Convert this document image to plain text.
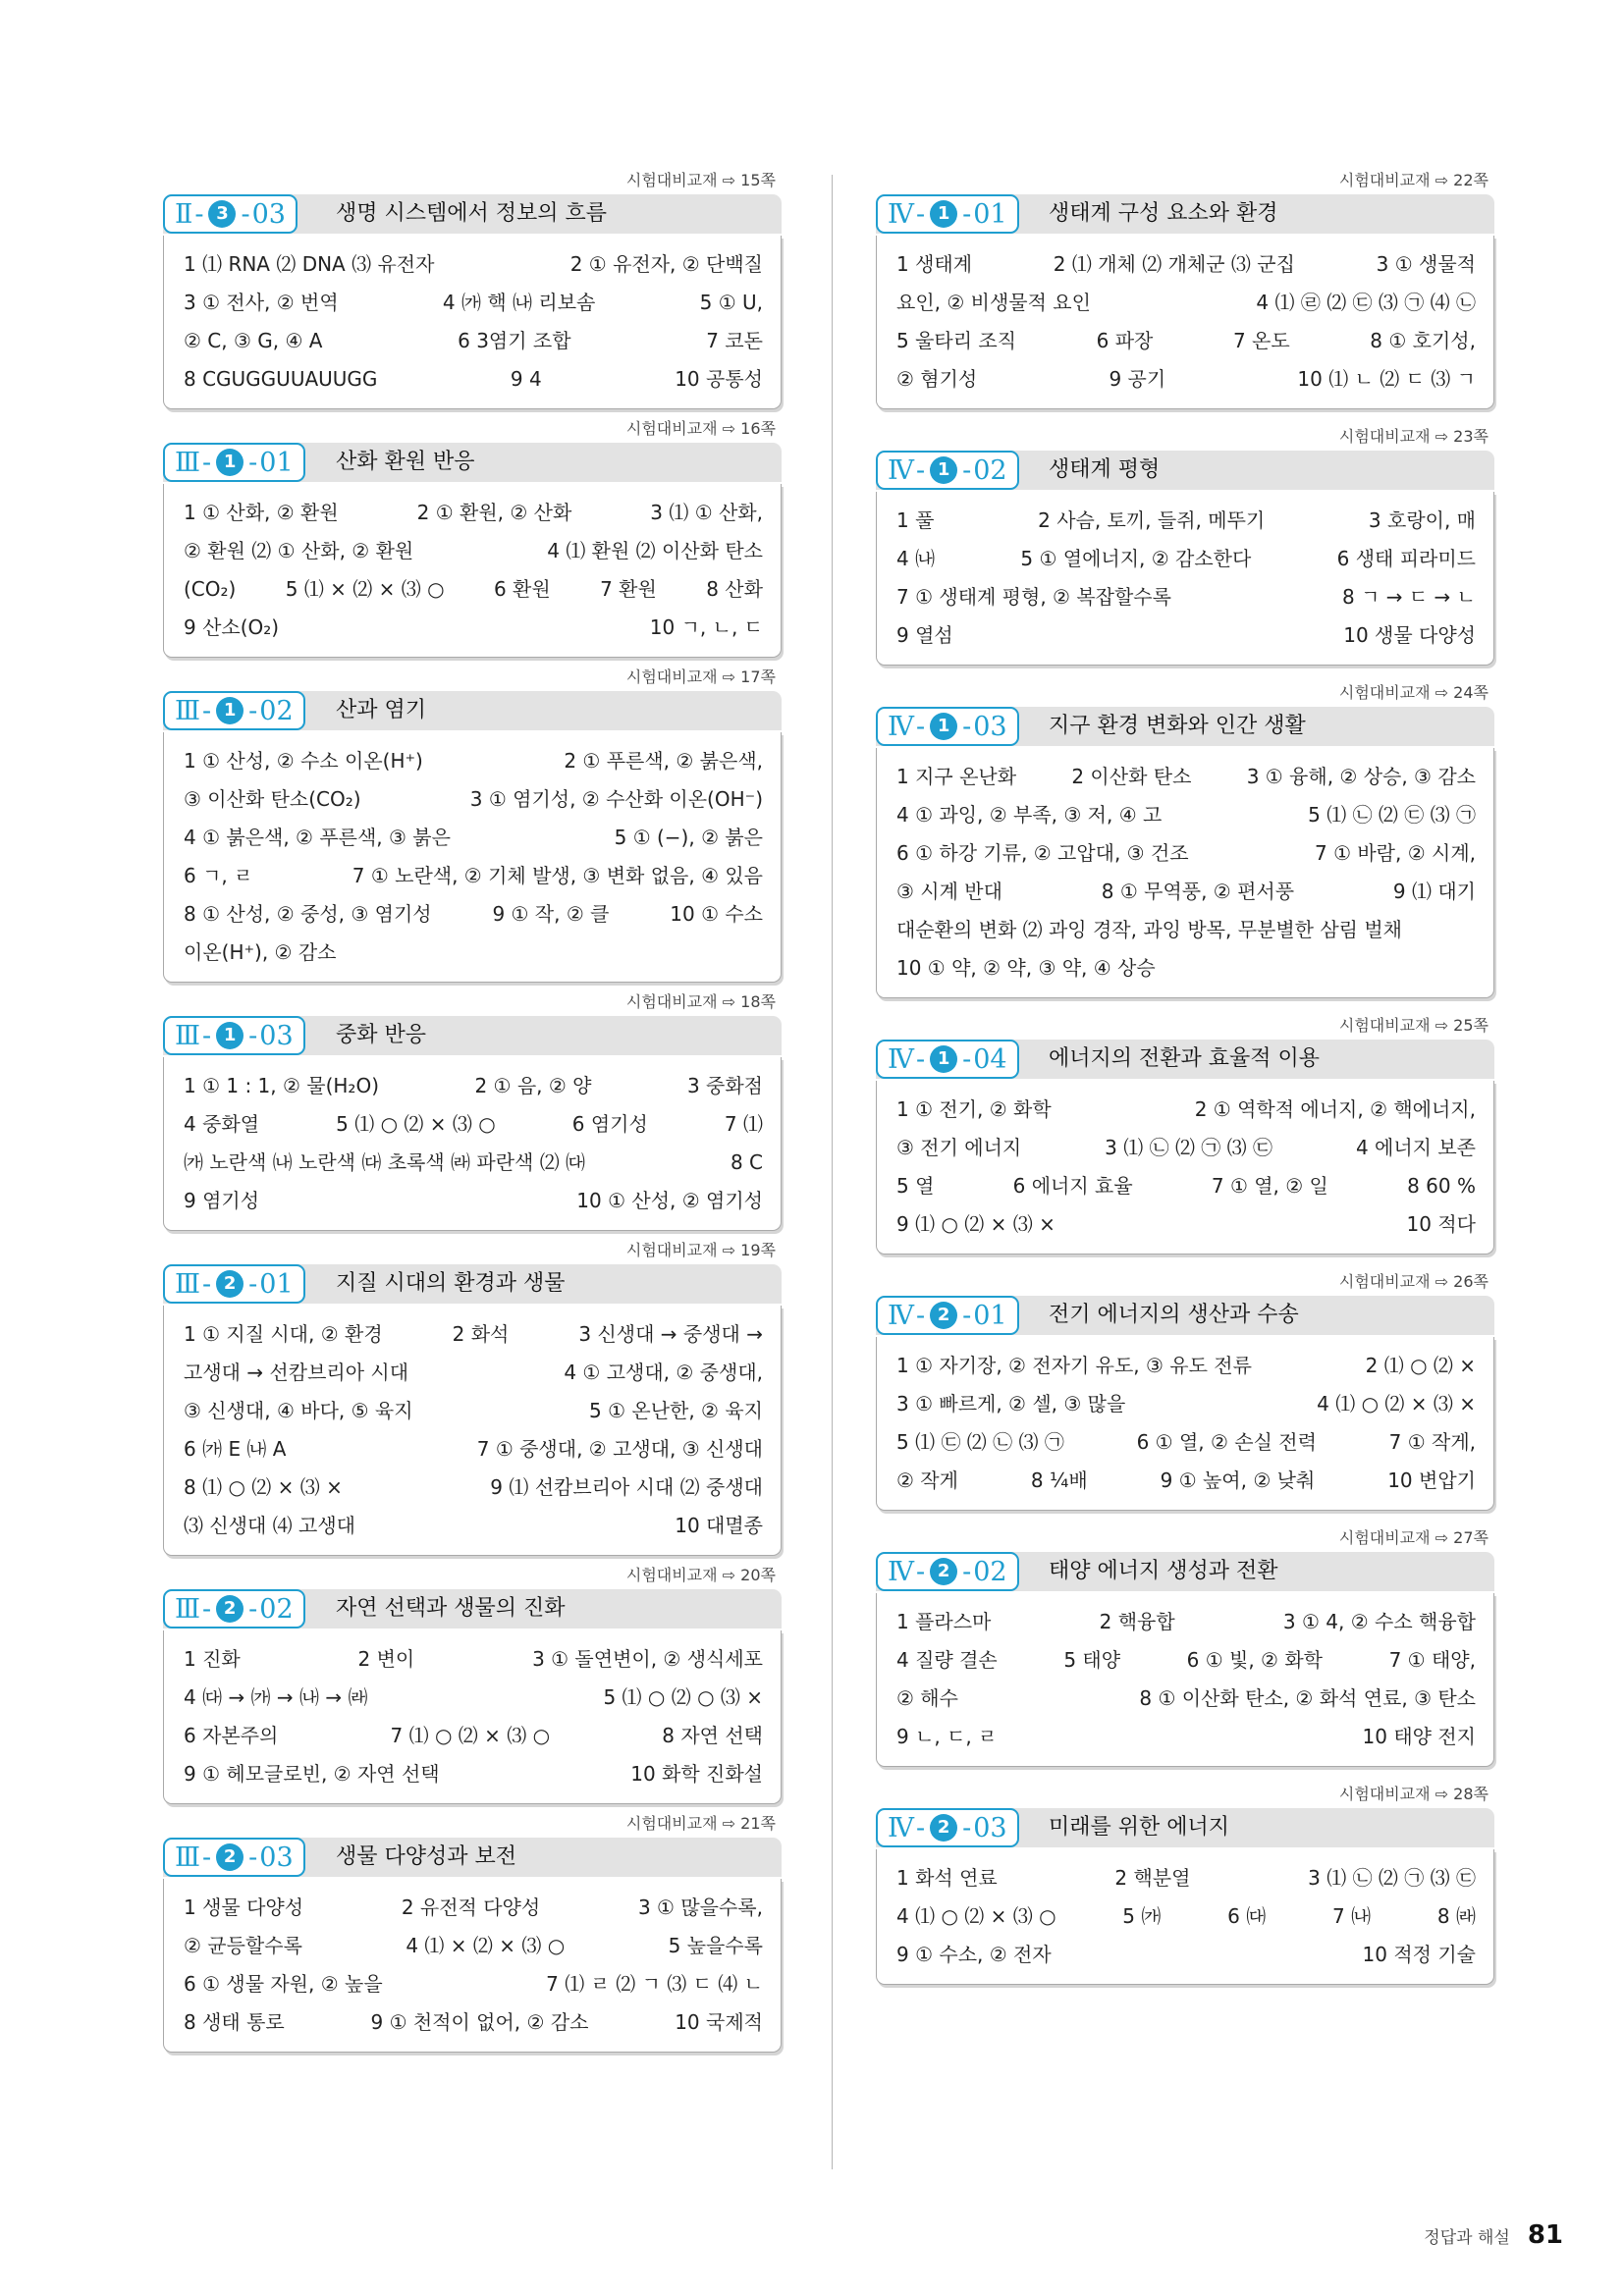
시험대비교재 ⇨ 15쪽
Ⅱ - 3 - 03 생명 시스템에서 정보의 흐름
1 ⑴ RNA ⑵ DNA ⑶ 유전자	2 ① 유전자, ② 단백질
3 ① 전사, ② 번역	4 ㈎ 핵 ㈏ 리보솜	5 ① U,
② C, ③ G, ④ A	6 3염기 조합	7 코돈
8 CGUGGUUAUUGG	9 4	10 공통성
시험대비교재 ⇨ 16쪽
Ⅲ - 1 - 01 산화 환원 반응
1 ① 산화, ② 환원	2 ① 환원, ② 산화	3 ⑴ ① 산화,
② 환원 ⑵ ① 산화, ② 환원	4 ⑴ 환원 ⑵ 이산화 탄소
(CO₂)	5 ⑴ × ⑵ × ⑶ ○	6 환원	7 환원	8 산화
9 산소(O₂)	10 ㄱ, ㄴ, ㄷ
시험대비교재 ⇨ 17쪽
Ⅲ - 1 - 02 산과 염기
1 ① 산성, ② 수소 이온(H⁺)	2 ① 푸른색, ② 붉은색,
③ 이산화 탄소(CO₂)	3 ① 염기성, ② 수산화 이온(OH⁻)
4 ① 붉은색, ② 푸른색, ③ 붉은	5 ① (−), ② 붉은
6 ㄱ, ㄹ	7 ① 노란색, ② 기체 발생, ③ 변화 없음, ④ 있음
8 ① 산성, ② 중성, ③ 염기성	9 ① 작, ② 클	10 ① 수소
이온(H⁺), ② 감소
시험대비교재 ⇨ 18쪽
Ⅲ - 1 - 03 중화 반응
1 ① 1 : 1, ② 물(H₂O)	2 ① 음, ② 양	3 중화점
4 중화열	5 ⑴ ○ ⑵ × ⑶ ○	6 염기성	7 ⑴
㈎ 노란색 ㈏ 노란색 ㈐ 초록색 ㈑ 파란색 ⑵ ㈐	8 C
9 염기성	10 ① 산성, ② 염기성
시험대비교재 ⇨ 19쪽
Ⅲ - 2 - 01 지질 시대의 환경과 생물
1 ① 지질 시대, ② 환경	2 화석	3 신생대 → 중생대 →
고생대 → 선캄브리아 시대	4 ① 고생대, ② 중생대,
③ 신생대, ④ 바다, ⑤ 육지	5 ① 온난한, ② 육지
6 ㈎ E ㈏ A	7 ① 중생대, ② 고생대, ③ 신생대
8 ⑴ ○ ⑵ × ⑶ ×	9 ⑴ 선캄브리아 시대 ⑵ 중생대
⑶ 신생대 ⑷ 고생대	10 대멸종
시험대비교재 ⇨ 20쪽
Ⅲ - 2 - 02 자연 선택과 생물의 진화
1 진화	2 변이	3 ① 돌연변이, ② 생식세포
4 ㈐ → ㈎ → ㈏ → ㈑	5 ⑴ ○ ⑵ ○ ⑶ ×
6 자본주의	7 ⑴ ○ ⑵ × ⑶ ○	8 자연 선택
9 ① 헤모글로빈, ② 자연 선택	10 화학 진화설
시험대비교재 ⇨ 21쪽
Ⅲ - 2 - 03 생물 다양성과 보전
1 생물 다양성	2 유전적 다양성	3 ① 많을수록,
② 균등할수록	4 ⑴ × ⑵ × ⑶ ○	5 높을수록
6 ① 생물 자원, ② 높을	7 ⑴ ㄹ ⑵ ㄱ ⑶ ㄷ ⑷ ㄴ
8 생태 통로	9 ① 천적이 없어, ② 감소	10 국제적
시험대비교재 ⇨ 22쪽
Ⅳ - 1 - 01 생태계 구성 요소와 환경
1 생태계	2 ⑴ 개체 ⑵ 개체군 ⑶ 군집	3 ① 생물적
요인, ② 비생물적 요인	4 ⑴ ㉣ ⑵ ㉢ ⑶ ㉠ ⑷ ㉡
5 울타리 조직	6 파장	7 온도	8 ① 호기성,
② 혐기성	9 공기	10 ⑴ ㄴ ⑵ ㄷ ⑶ ㄱ
시험대비교재 ⇨ 23쪽
Ⅳ - 1 - 02 생태계 평형
1 풀	2 사슴, 토끼, 들쥐, 메뚜기	3 호랑이, 매
4 ㈏	5 ① 열에너지, ② 감소한다	6 생태 피라미드
7 ① 생태계 평형, ② 복잡할수록	8 ㄱ → ㄷ → ㄴ
9 열섬	10 생물 다양성
시험대비교재 ⇨ 24쪽
Ⅳ - 1 - 03 지구 환경 변화와 인간 생활
1 지구 온난화	2 이산화 탄소	3 ① 융해, ② 상승, ③ 감소
4 ① 과잉, ② 부족, ③ 저, ④ 고	5 ⑴ ㉡ ⑵ ㉢ ⑶ ㉠
6 ① 하강 기류, ② 고압대, ③ 건조	7 ① 바람, ② 시계,
③ 시계 반대	8 ① 무역풍, ② 편서풍	9 ⑴ 대기
대순환의 변화 ⑵ 과잉 경작, 과잉 방목, 무분별한 삼림 벌채
10 ① 약, ② 약, ③ 약, ④ 상승
시험대비교재 ⇨ 25쪽
Ⅳ - 1 - 04 에너지의 전환과 효율적 이용
1 ① 전기, ② 화학	2 ① 역학적 에너지, ② 핵에너지,
③ 전기 에너지	3 ⑴ ㉡ ⑵ ㉠ ⑶ ㉢	4 에너지 보존
5 열	6 에너지 효율	7 ① 열, ② 일	8 60 %
9 ⑴ ○ ⑵ × ⑶ ×	10 적다
시험대비교재 ⇨ 26쪽
Ⅳ - 2 - 01 전기 에너지의 생산과 수송
1 ① 자기장, ② 전자기 유도, ③ 유도 전류	2 ⑴ ○ ⑵ ×
3 ① 빠르게, ② 셀, ③ 많을	4 ⑴ ○ ⑵ × ⑶ ×
5 ⑴ ㉢ ⑵ ㉡ ⑶ ㉠	6 ① 열, ② 손실 전력	7 ① 작게,
② 작게	8 ¼배	9 ① 높여, ② 낮춰	10 변압기
시험대비교재 ⇨ 27쪽
Ⅳ - 2 - 02 태양 에너지 생성과 전환
1 플라스마	2 핵융합	3 ① 4, ② 수소 핵융합
4 질량 결손	5 태양	6 ① 빛, ② 화학	7 ① 태양,
② 해수	8 ① 이산화 탄소, ② 화석 연료, ③ 탄소
9 ㄴ, ㄷ, ㄹ	10 태양 전지
시험대비교재 ⇨ 28쪽
Ⅳ - 2 - 03 미래를 위한 에너지
1 화석 연료	2 핵분열	3 ⑴ ㉡ ⑵ ㉠ ⑶ ㉢
4 ⑴ ○ ⑵ × ⑶ ○	5 ㈎	6 ㈐	7 ㈏	8 ㈑
9 ① 수소, ② 전자	10 적정 기술
정답과 해설 81
